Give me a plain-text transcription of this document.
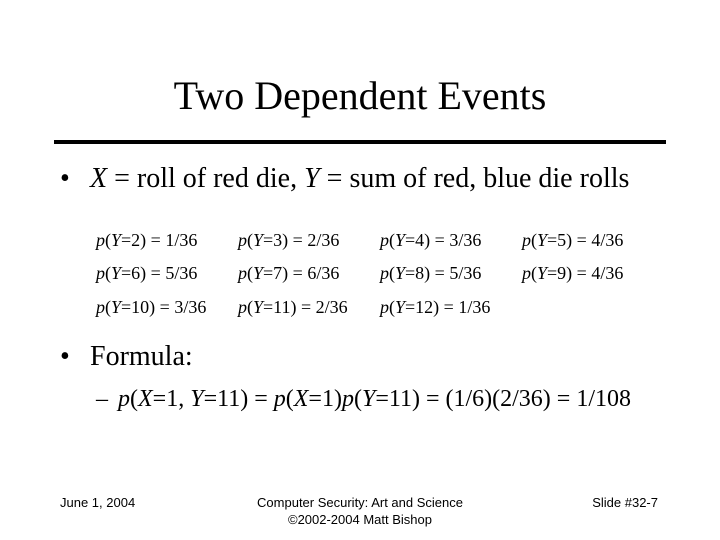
Two Dependent Events
• X = roll of red die, Y = sum of red, blue die rolls
p(Y=2) = 1/36 p(Y=3) = 2/36 p(Y=4) = 3/36 p(Y=5) = 4/36
p(Y=6) = 5/36 p(Y=7) = 6/36 p(Y=8) = 5/36 p(Y=9) = 4/36
p(Y=10) = 3/36 p(Y=11) = 2/36 p(Y=12) = 1/36
• Formula:
– p(X=1, Y=11) = p(X=1)p(Y=11) = (1/6)(2/36) = 1/108
June 1, 2004	Computer Security: Art and Science
©2002-2004 Matt Bishop
Slide #32-7
